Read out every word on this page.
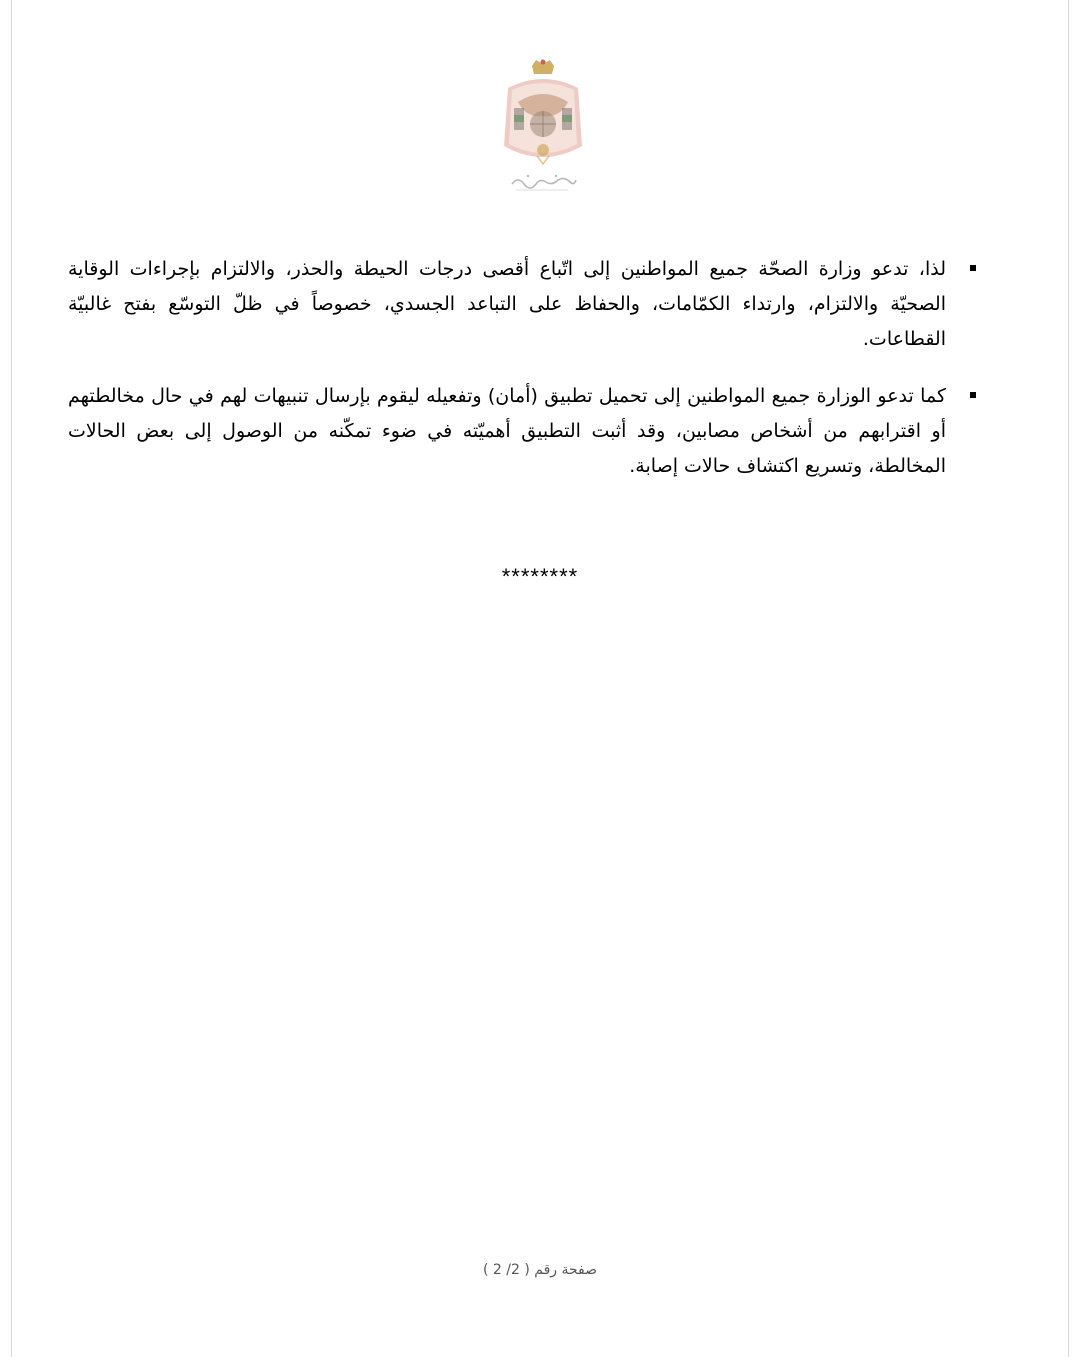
لذا، تدعو وزارة الصحّة جميع المواطنين إلى اتّباع أقصى درجات الحيطة والحذر، والالتزام بإجراءات الوقاية الصحيّة والالتزام، وارتداء الكمّامات، والحفاظ على التباعد الجسدي، خصوصاً في ظلّ التوسّع بفتح غالبيّة القطاعات.

كما تدعو الوزارة جميع المواطنين إلى تحميل تطبيق (أمان) وتفعيله ليقوم بإرسال تنبيهات لهم في حال مخالطتهم أو اقترابهم من أشخاص مصابين، وقد أثبت التطبيق أهميّته في ضوء تمكّنه من الوصول إلى بعض الحالات المخالطة، وتسريع اكتشاف حالات إصابة.

********
صفحة رقم ( 2/ 2 )
